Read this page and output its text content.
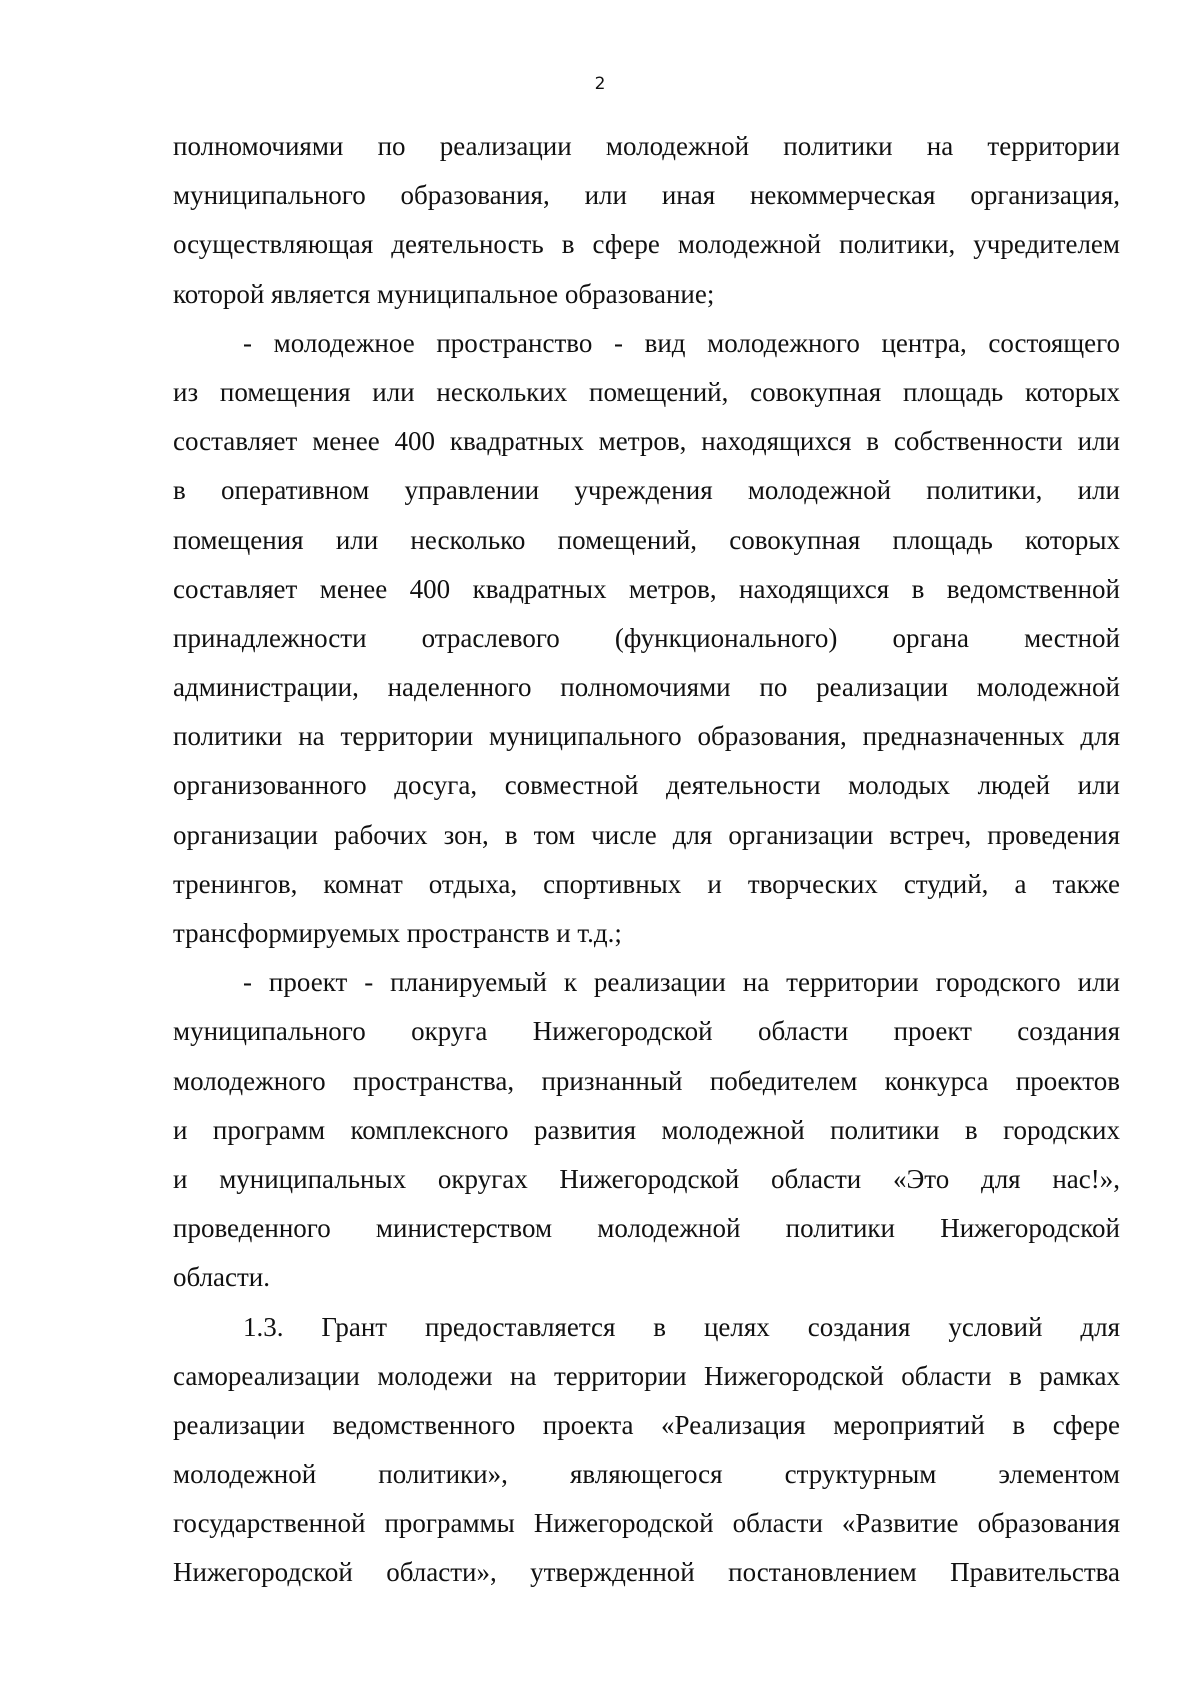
2
полномочиями по реализации молодежной политики на территории
муниципального образования, или иная некоммерческая организация,
осуществляющая деятельность в сфере молодежной политики, учредителем
которой является муниципальное образование;
- молодежное пространство - вид молодежного центра, состоящего
из помещения или нескольких помещений, совокупная площадь которых
составляет менее 400 квадратных метров, находящихся в собственности или
в оперативном управлении учреждения молодежной политики, или
помещения или несколько помещений, совокупная площадь которых
составляет менее 400 квадратных метров, находящихся в ведомственной
принадлежности отраслевого (функционального) органа местной
администрации, наделенного полномочиями по реализации молодежной
политики на территории муниципального образования, предназначенных для
организованного досуга, совместной деятельности молодых людей или
организации рабочих зон, в том числе для организации встреч, проведения
тренингов, комнат отдыха, спортивных и творческих студий, а также
трансформируемых пространств и т.д.;
- проект - планируемый к реализации на территории городского или
муниципального округа Нижегородской области проект создания
молодежного пространства, признанный победителем конкурса проектов
и программ комплексного развития молодежной политики в городских
и муниципальных округах Нижегородской области «Это для нас!»,
проведенного министерством молодежной политики Нижегородской
области.
1.3. Грант предоставляется в целях создания условий для
самореализации молодежи на территории Нижегородской области в рамках
реализации ведомственного проекта «Реализация мероприятий в сфере
молодежной политики», являющегося структурным элементом
государственной программы Нижегородской области «Развитие образования
Нижегородской области», утвержденной постановлением Правительства
